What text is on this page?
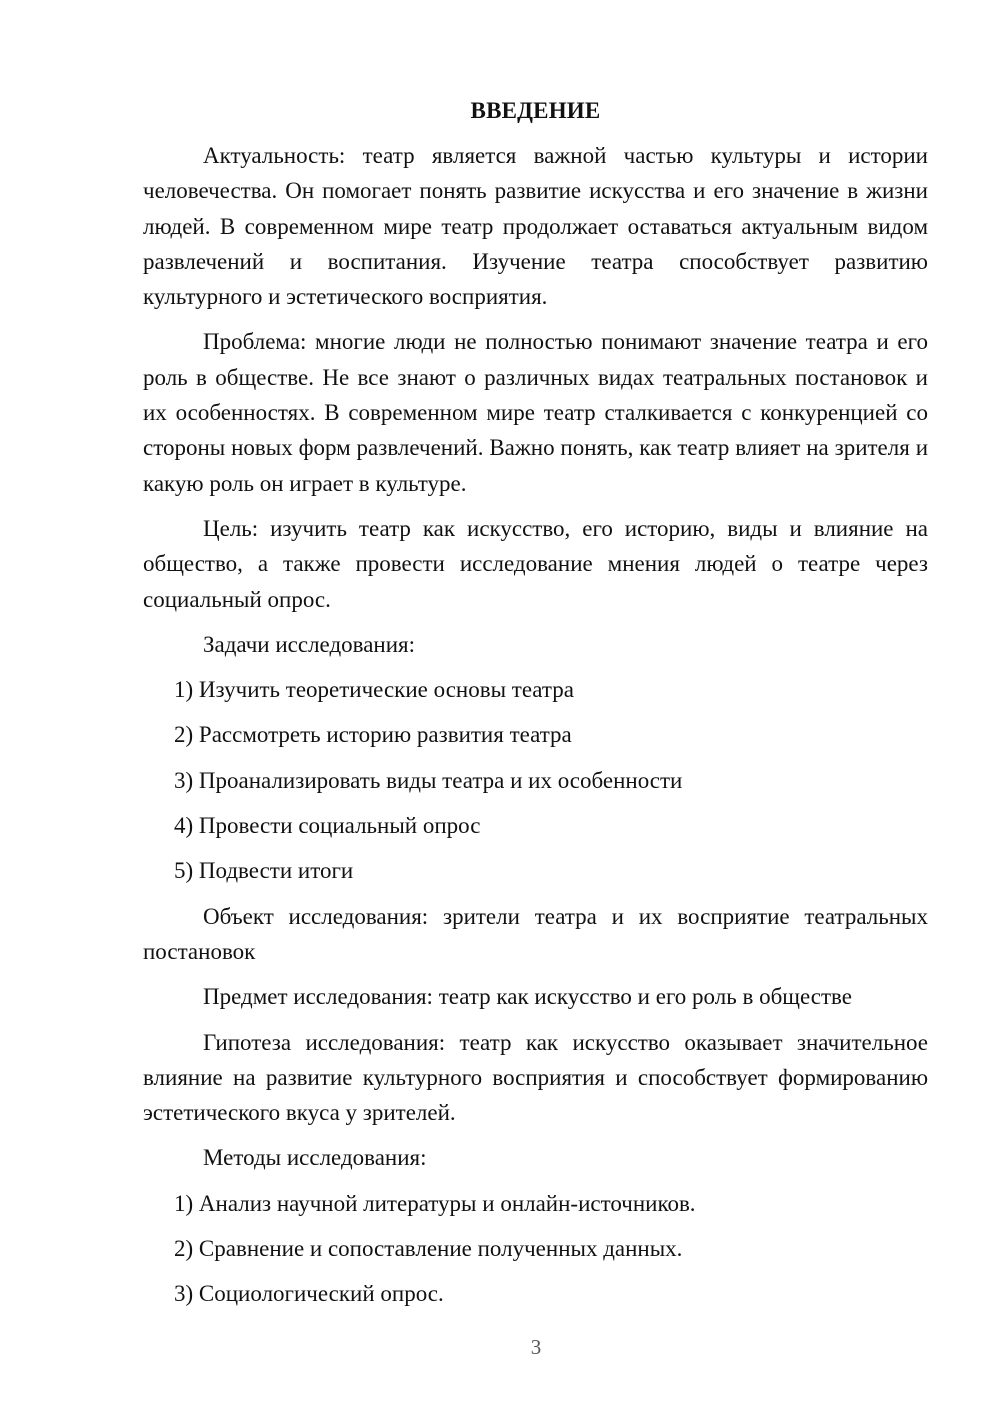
ВВЕДЕНИЕ

Актуальность: театр является важной частью культуры и истории человечества. Он помогает понять развитие искусства и его значение в жизни людей. В современном мире театр продолжает оставаться актуальным видом развлечений и воспитания. Изучение театра способствует развитию культурного и эстетического восприятия.

Проблема: многие люди не полностью понимают значение театра и его роль в обществе. Не все знают о различных видах театральных постановок и их особенностях. В современном мире театр сталкивается с конкуренцией со стороны новых форм развлечений. Важно понять, как театр влияет на зрителя и какую роль он играет в культуре.

Цель: изучить театр как искусство, его историю, виды и влияние на общество, а также провести исследование мнения людей о театре через социальный опрос.

Задачи исследования:

1) Изучить теоретические основы театра
2) Рассмотреть историю развития театра
3) Проанализировать виды театра и их особенности
4) Провести социальный опрос
5) Подвести итоги

Объект исследования: зрители театра и их восприятие театральных постановок

Предмет исследования: театр как искусство и его роль в обществе

Гипотеза исследования: театр как искусство оказывает значительное влияние на развитие культурного восприятия и способствует формированию эстетического вкуса у зрителей.

Методы исследования:

1) Анализ научной литературы и онлайн-источников.
2) Сравнение и сопоставление полученных данных.
3) Социологический опрос.
3
